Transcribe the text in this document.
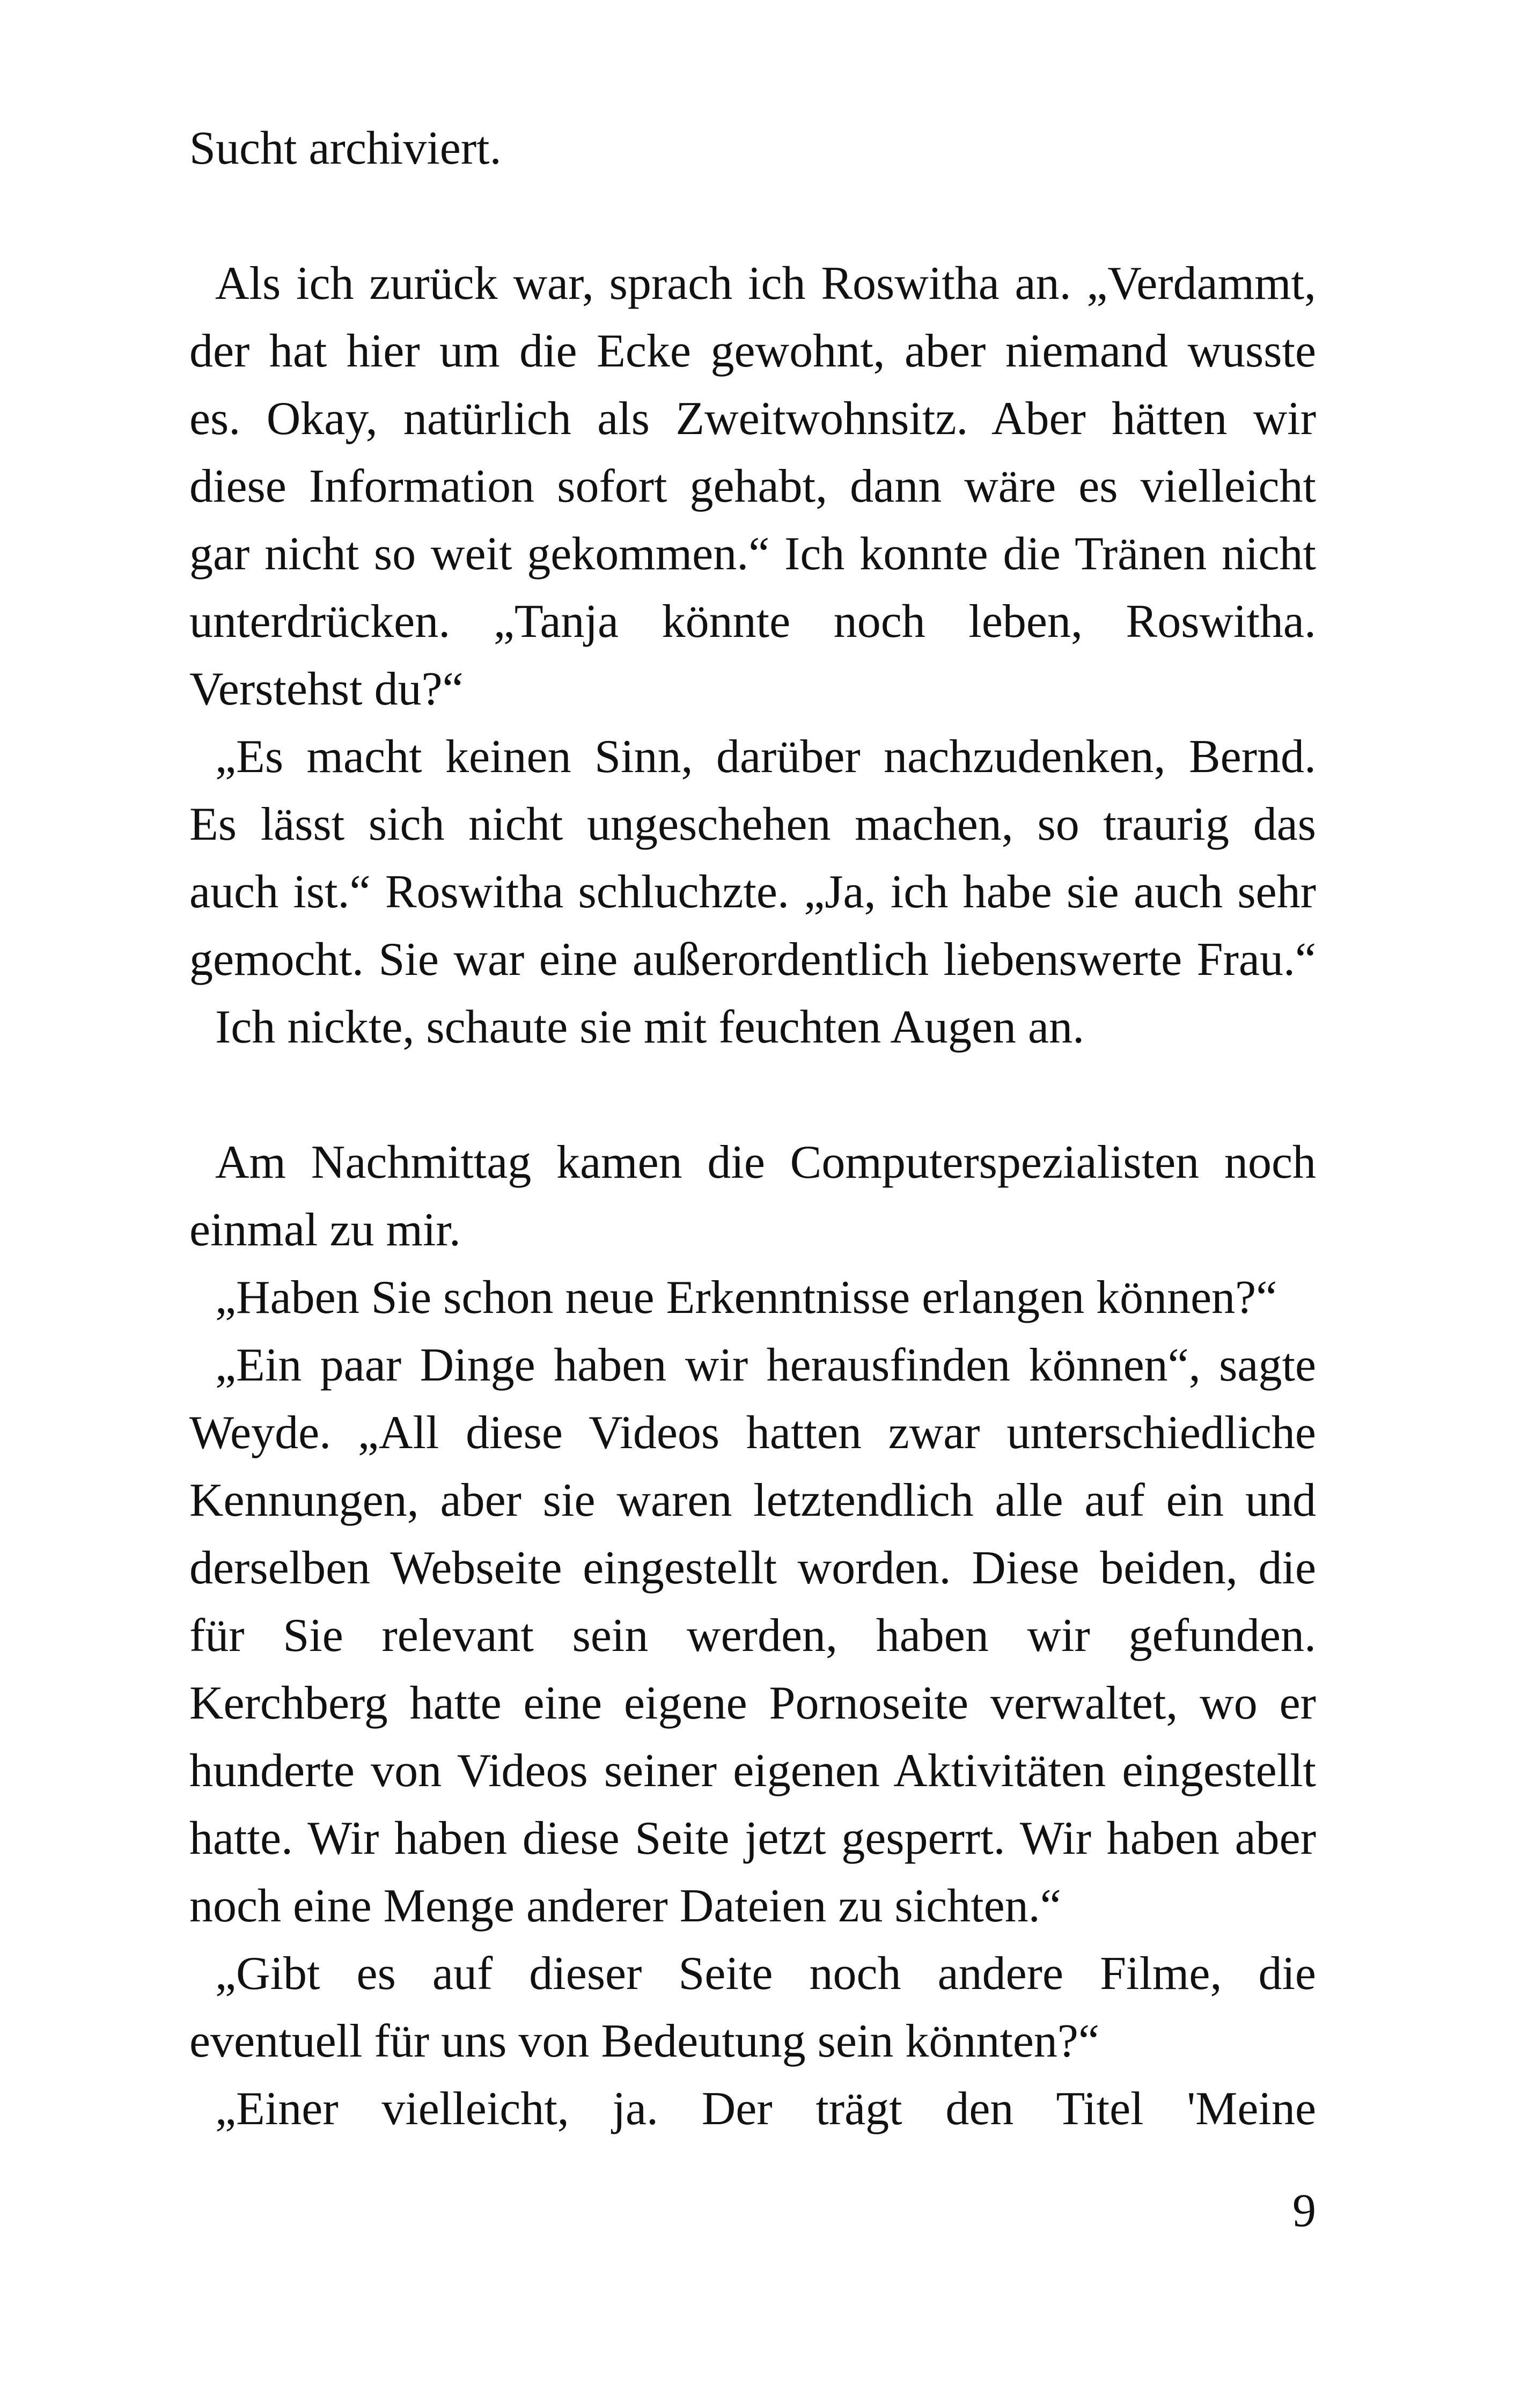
Sucht archiviert.
Als ich zurück war, sprach ich Roswitha an. „Verdammt,
der hat hier um die Ecke gewohnt, aber niemand wusste
es. Okay, natürlich als Zweitwohnsitz. Aber hätten wir
diese Information sofort gehabt, dann wäre es vielleicht
gar nicht so weit gekommen.“ Ich konnte die Tränen nicht
unterdrücken. „Tanja könnte noch leben, Roswitha.
Verstehst du?“
„Es macht keinen Sinn, darüber nachzudenken, Bernd.
Es lässt sich nicht ungeschehen machen, so traurig das
auch ist.“ Roswitha schluchzte. „Ja, ich habe sie auch sehr
gemocht. Sie war eine außerordentlich liebenswerte Frau.“
Ich nickte, schaute sie mit feuchten Augen an.
Am Nachmittag kamen die Computerspezialisten noch
einmal zu mir.
„Haben Sie schon neue Erkenntnisse erlangen können?“
„Ein paar Dinge haben wir herausfinden können“, sagte
Weyde. „All diese Videos hatten zwar unterschiedliche
Kennungen, aber sie waren letztendlich alle auf ein und
derselben Webseite eingestellt worden. Diese beiden, die
für Sie relevant sein werden, haben wir gefunden.
Kerchberg hatte eine eigene Pornoseite verwaltet, wo er
hunderte von Videos seiner eigenen Aktivitäten eingestellt
hatte. Wir haben diese Seite jetzt gesperrt. Wir haben aber
noch eine Menge anderer Dateien zu sichten.“
„Gibt es auf dieser Seite noch andere Filme, die
eventuell für uns von Bedeutung sein könnten?“
„Einer vielleicht, ja. Der trägt den Titel 'Meine
9
